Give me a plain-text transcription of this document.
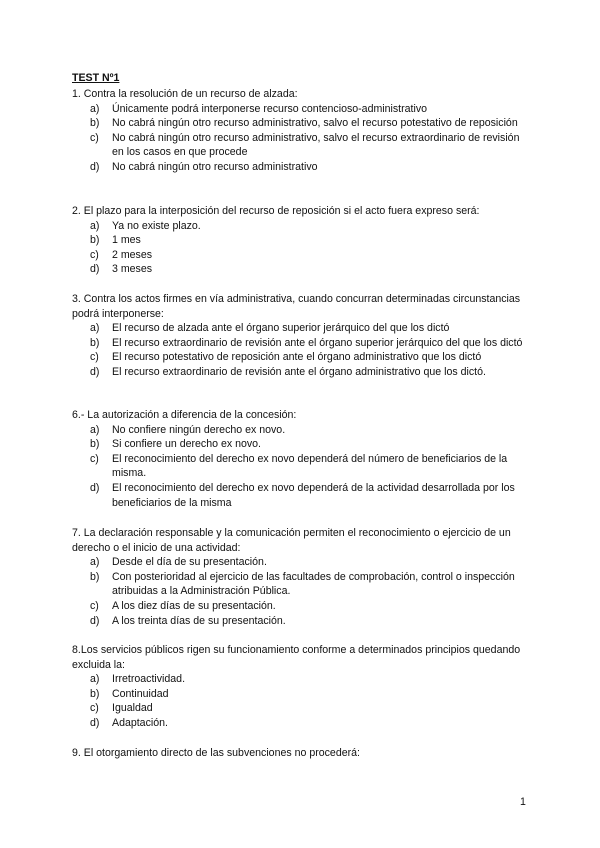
TEST Nº1

1. Contra la resolución de un recurso de alzada:

a) Únicamente podrá interponerse recurso contencioso-administrativo
b) No cabrá ningún otro recurso administrativo, salvo el recurso potestativo de reposición
c) No cabrá ningún otro recurso administrativo, salvo el recurso extraordinario de revisión en los casos en que procede
d) No cabrá ningún otro recurso administrativo

2. El plazo para la interposición del recurso de reposición si el acto fuera expreso será:

a) Ya no existe plazo.
b) 1 mes
c) 2 meses
d) 3 meses

3. Contra los actos firmes en vía administrativa, cuando concurran determinadas circunstancias podrá interponerse:

a) El recurso de alzada ante el órgano superior jerárquico del que los dictó
b) El recurso extraordinario de revisión ante el órgano superior jerárquico del que los dictó
c) El recurso potestativo de reposición ante el órgano administrativo que los dictó
d) El recurso extraordinario de revisión ante el órgano administrativo que los dictó.

6.- La autorización a diferencia de la concesión:

a) No confiere ningún derecho ex novo.
b) Si confiere un derecho ex novo.
c) El reconocimiento del derecho ex novo dependerá del número de beneficiarios de la misma.
d) El reconocimiento del derecho ex novo dependerá de la actividad desarrollada por los beneficiarios de la misma

7. La declaración responsable y la comunicación permiten el reconocimiento o ejercicio de un derecho o el inicio de una actividad:

a) Desde el día de su presentación.
b) Con posterioridad al ejercicio de las facultades de comprobación, control o inspección atribuidas a la Administración Pública.
c) A los diez días de su presentación.
d) A los treinta días de su presentación.

8.Los servicios públicos rigen su funcionamiento conforme a determinados principios quedando excluida la:

a) Irretroactividad.
b) Continuidad
c) Igualdad
d) Adaptación.

9. El otorgamiento directo de las subvenciones no procederá:

1
